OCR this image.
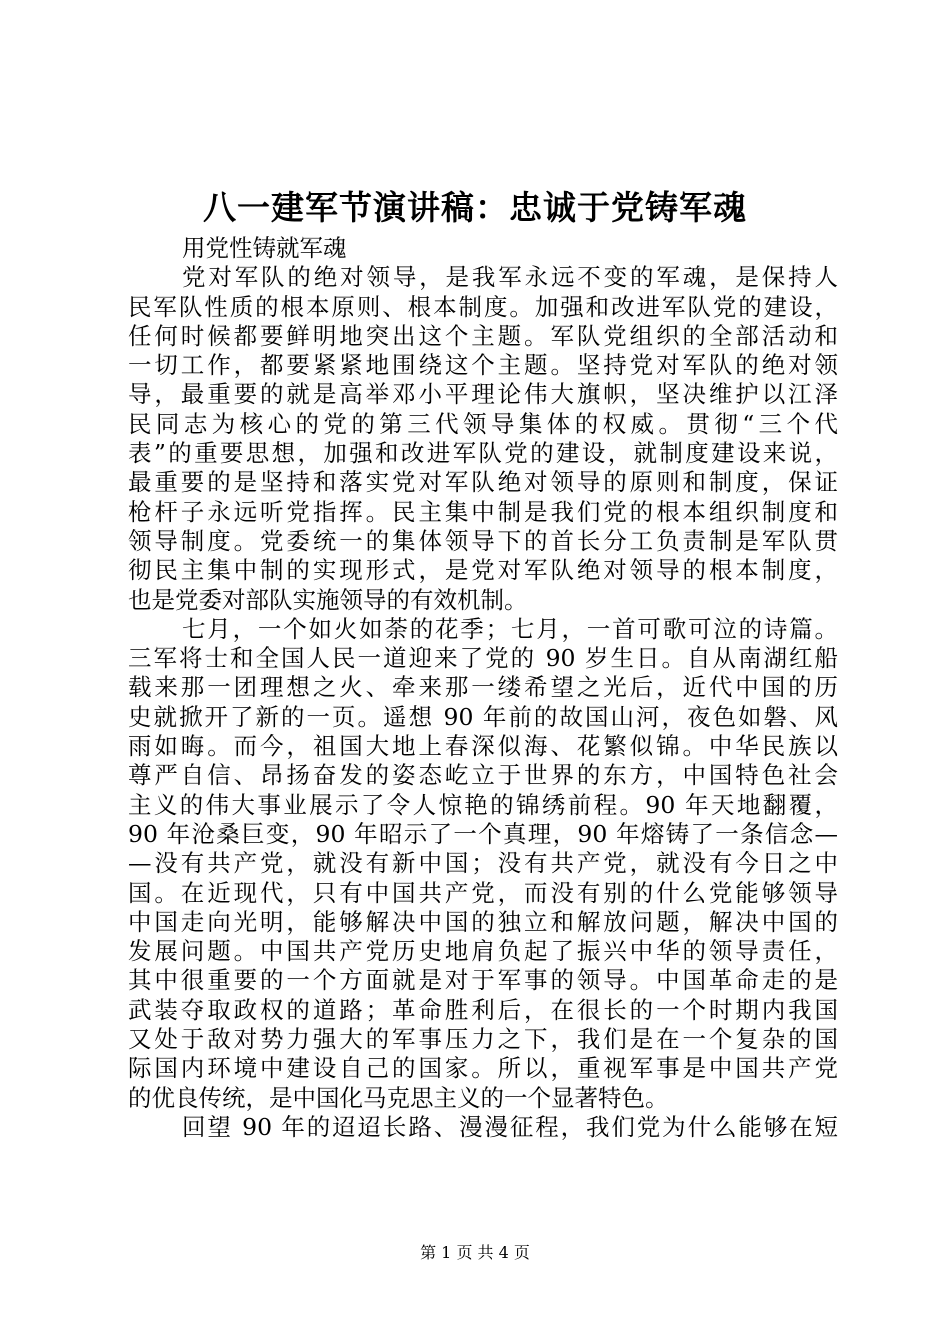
八一建军节演讲稿：忠诚于党铸军魂
用党性铸就军魂
党对军队的绝对领导，是我军永远不变的军魂，是保持人
民军队性质的根本原则、根本制度。加强和改进军队党的建设，
任何时候都要鲜明地突出这个主题。军队党组织的全部活动和
一切工作，都要紧紧地围绕这个主题。坚持党对军队的绝对领
导，最重要的就是高举邓小平理论伟大旗帜，坚决维护以江泽
民同志为核心的党的第三代领导集体的权威。贯彻“三个代
表”的重要思想，加强和改进军队党的建设，就制度建设来说，
最重要的是坚持和落实党对军队绝对领导的原则和制度，保证
枪杆子永远听党指挥。民主集中制是我们党的根本组织制度和
领导制度。党委统一的集体领导下的首长分工负责制是军队贯
彻民主集中制的实现形式，是党对军队绝对领导的根本制度，
也是党委对部队实施领导的有效机制。
七月，一个如火如荼的花季；七月，一首可歌可泣的诗篇。
三军将士和全国人民一道迎来了党的 90 岁生日。自从南湖红船
载来那一团理想之火、牵来那一缕希望之光后，近代中国的历
史就掀开了新的一页。遥想 90 年前的故国山河，夜色如磐、风
雨如晦。而今，祖国大地上春深似海、花繁似锦。中华民族以
尊严自信、昂扬奋发的姿态屹立于世界的东方，中国特色社会
主义的伟大事业展示了令人惊艳的锦绣前程。90 年天地翻覆，
90 年沧桑巨变，90 年昭示了一个真理，90 年熔铸了一条信念—
—没有共产党，就没有新中国；没有共产党，就没有今日之中
国。在近现代，只有中国共产党，而没有别的什么党能够领导
中国走向光明，能够解决中国的独立和解放问题，解决中国的
发展问题。中国共产党历史地肩负起了振兴中华的领导责任，
其中很重要的一个方面就是对于军事的领导。中国革命走的是
武装夺取政权的道路；革命胜利后，在很长的一个时期内我国
又处于敌对势力强大的军事压力之下，我们是在一个复杂的国
际国内环境中建设自己的国家。所以，重视军事是中国共产党
的优良传统，是中国化马克思主义的一个显著特色。
回望 90 年的迢迢长路、漫漫征程，我们党为什么能够在短
第 1 页 共 4 页
